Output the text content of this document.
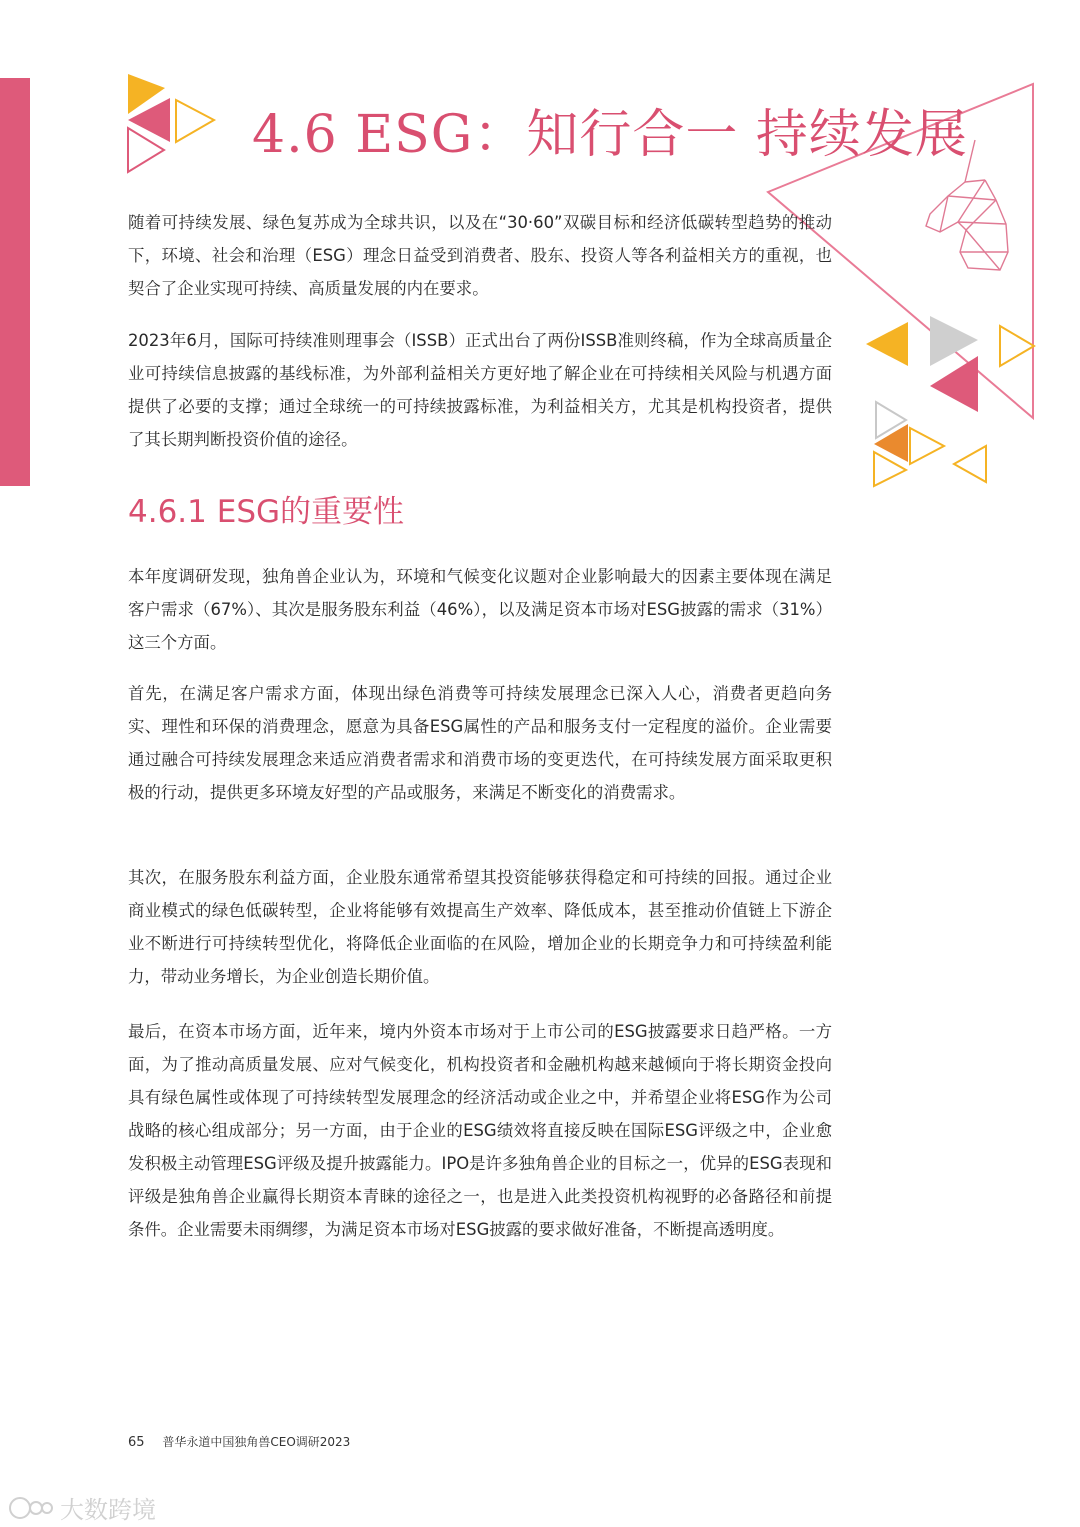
4.6 ESG：知行合一 持续发展

随着可持续发展、绿色复苏成为全球共识，以及在“30·60”双碳目标和经济低碳转型趋势的推动下，环境、社会和治理（ESG）理念日益受到消费者、股东、投资人等各利益相关方的重视，也契合了企业实现可持续、高质量发展的内在要求。

2023年6月，国际可持续准则理事会（ISSB）正式出台了两份ISSB准则终稿，作为全球高质量企业可持续信息披露的基线标准，为外部利益相关方更好地了解企业在可持续相关风险与机遇方面提供了必要的支撑；通过全球统一的可持续披露标准，为利益相关方，尤其是机构投资者，提供了其长期判断投资价值的途径。

4.6.1 ESG的重要性

本年度调研发现，独角兽企业认为，环境和气候变化议题对企业影响最大的因素主要体现在满足客户需求（67%）、其次是服务股东利益（46%），以及满足资本市场对ESG披露的需求（31%）这三个方面。

首先，在满足客户需求方面，体现出绿色消费等可持续发展理念已深入人心，消费者更趋向务实、理性和环保的消费理念，愿意为具备ESG属性的产品和服务支付一定程度的溢价。企业需要通过融合可持续发展理念来适应消费者需求和消费市场的变更迭代，在可持续发展方面采取更积极的行动，提供更多环境友好型的产品或服务，来满足不断变化的消费需求。

其次，在服务股东利益方面，企业股东通常希望其投资能够获得稳定和可持续的回报。通过企业商业模式的绿色低碳转型，企业将能够有效提高生产效率、降低成本，甚至推动价值链上下游企业不断进行可持续转型优化，将降低企业面临的在风险，增加企业的长期竞争力和可持续盈利能力，带动业务增长，为企业创造长期价值。

最后，在资本市场方面，近年来，境内外资本市场对于上市公司的ESG披露要求日趋严格。一方面，为了推动高质量发展、应对气候变化，机构投资者和金融机构越来越倾向于将长期资金投向具有绿色属性或体现了可持续转型发展理念的经济活动或企业之中，并希望企业将ESG作为公司战略的核心组成部分；另一方面，由于企业的ESG绩效将直接反映在国际ESG评级之中，企业愈发积极主动管理ESG评级及提升披露能力。IPO是许多独角兽企业的目标之一，优异的ESG表现和评级是独角兽企业赢得长期资本青睐的途径之一，也是进入此类投资机构视野的必备路径和前提条件。企业需要未雨绸缪，为满足资本市场对ESG披露的要求做好准备，不断提高透明度。

65 普华永道中国独角兽CEO调研2023
大数跨境
